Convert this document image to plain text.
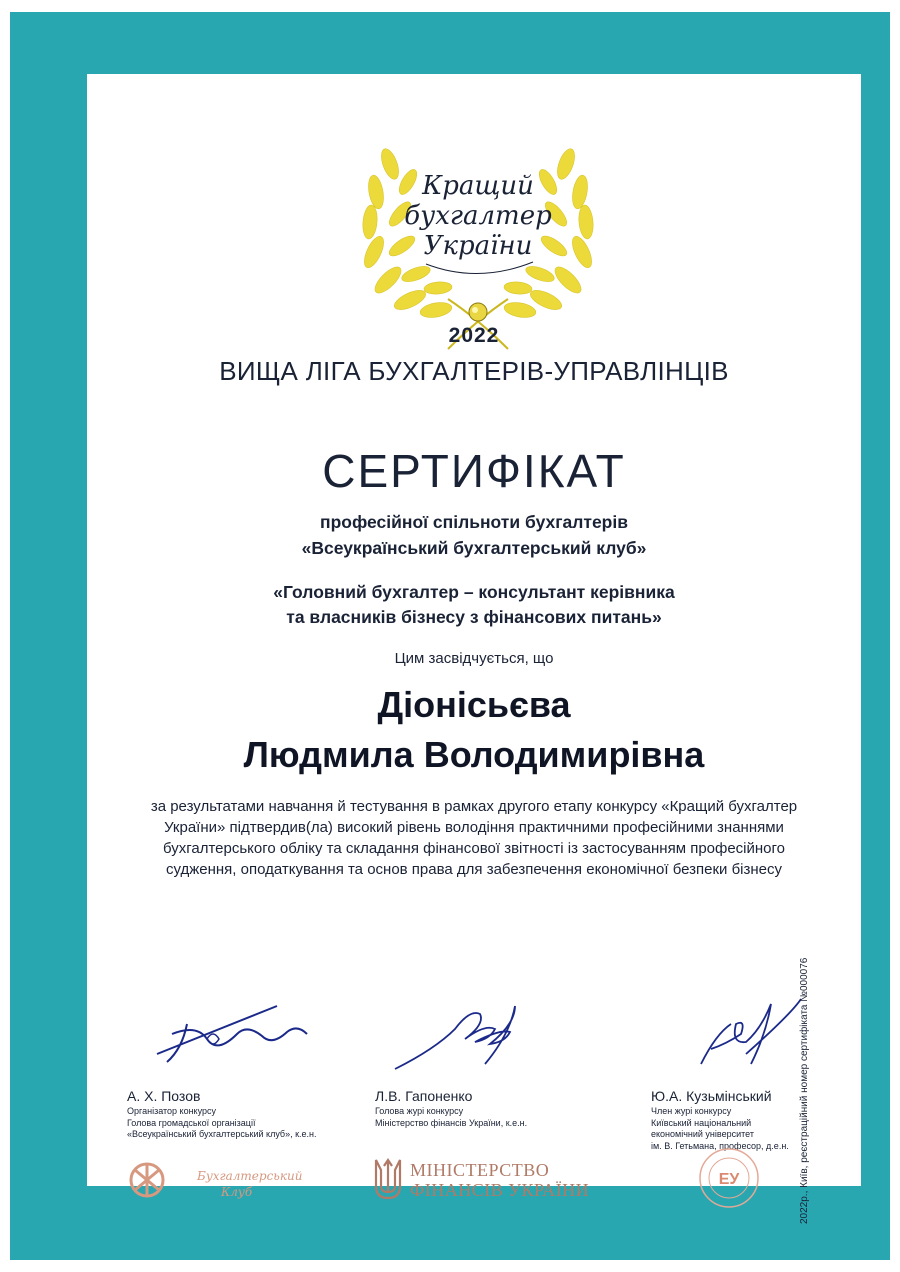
Кращий
бухгалтер
України
2022
ВИЩА ЛІГА БУХГАЛТЕРІВ-УПРАВЛІНЦІВ
СЕРТИФІКАТ
професійної спільноти бухгалтерів
«Всеукраїнський бухгалтерський клуб»
«Головний бухгалтер – консультант керівника
та власників бізнесу з фінансових питань»
Цим засвідчується, що
Діонісьєва
Людмила Володимирівна
за результатами навчання й тестування в рамках другого етапу конкурсу «Кращий бухгалтер України» підтвердив(ла) високий рівень володіння практичними професійними знаннями бухгалтерського обліку та складання фінансової звітності із застосуванням професійного судження, оподаткування та основ права для забезпечення економічної безпеки бізнесу
А. Х. Позов
Організатор конкурсу
Голова громадської організації
«Всеукраїнський бухгалтерський клуб», к.е.н.
Л.В. Гапоненко
Голова журі конкурсу
Міністерство фінансів України, к.е.н.
Ю.А. Кузьмінський
Член журі конкурсу
Київський національний
економічний університет
ім. В. Гетьмана, професор, д.е.н.
Бухгалтерський
Клуб
МІНІСТЕРСТВО
ФІНАНСІВ УКРАЇНИ
ЕУ	2022р., Київ, реєстраційний номер сертифіката №000076
